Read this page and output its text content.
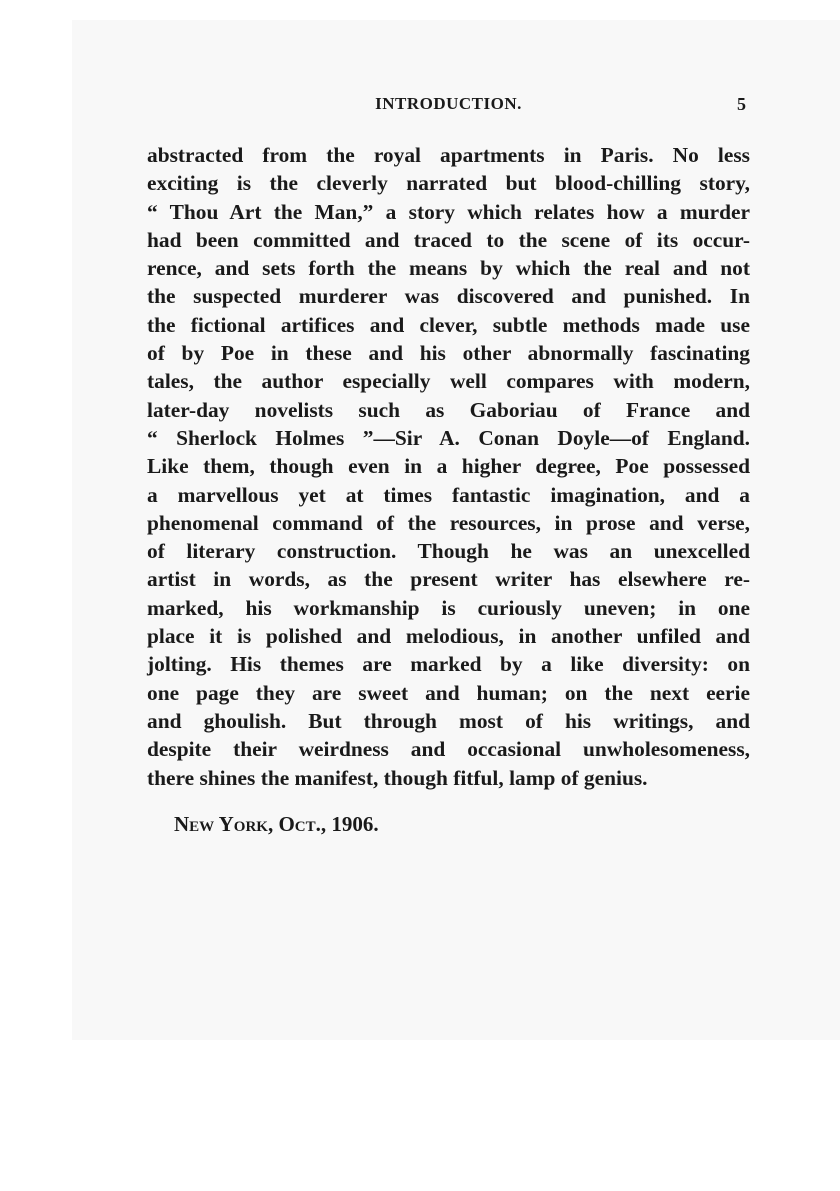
INTRODUCTION.	5
abstracted from the royal apartments in Paris. No less
exciting is the cleverly narrated but blood-chilling story,
“ Thou Art the Man,” a story which relates how a murder
had been committed and traced to the scene of its occur-
rence, and sets forth the means by which the real and not
the suspected murderer was discovered and punished. In
the fictional artifices and clever, subtle methods made use
of by Poe in these and his other abnormally fascinating
tales, the author especially well compares with modern,
later-day novelists such as Gaboriau of France and
“ Sherlock Holmes ”—Sir A. Conan Doyle—of England.
Like them, though even in a higher degree, Poe possessed
a marvellous yet at times fantastic imagination, and a
phenomenal command of the resources, in prose and verse,
of literary construction. Though he was an unexcelled
artist in words, as the present writer has elsewhere re-
marked, his workmanship is curiously uneven; in one
place it is polished and melodious, in another unfiled and
jolting. His themes are marked by a like diversity: on
one page they are sweet and human; on the next eerie
and ghoulish. But through most of his writings, and
despite their weirdness and occasional unwholesomeness,
there shines the manifest, though fitful, lamp of genius.
New York, Oct., 1906.
